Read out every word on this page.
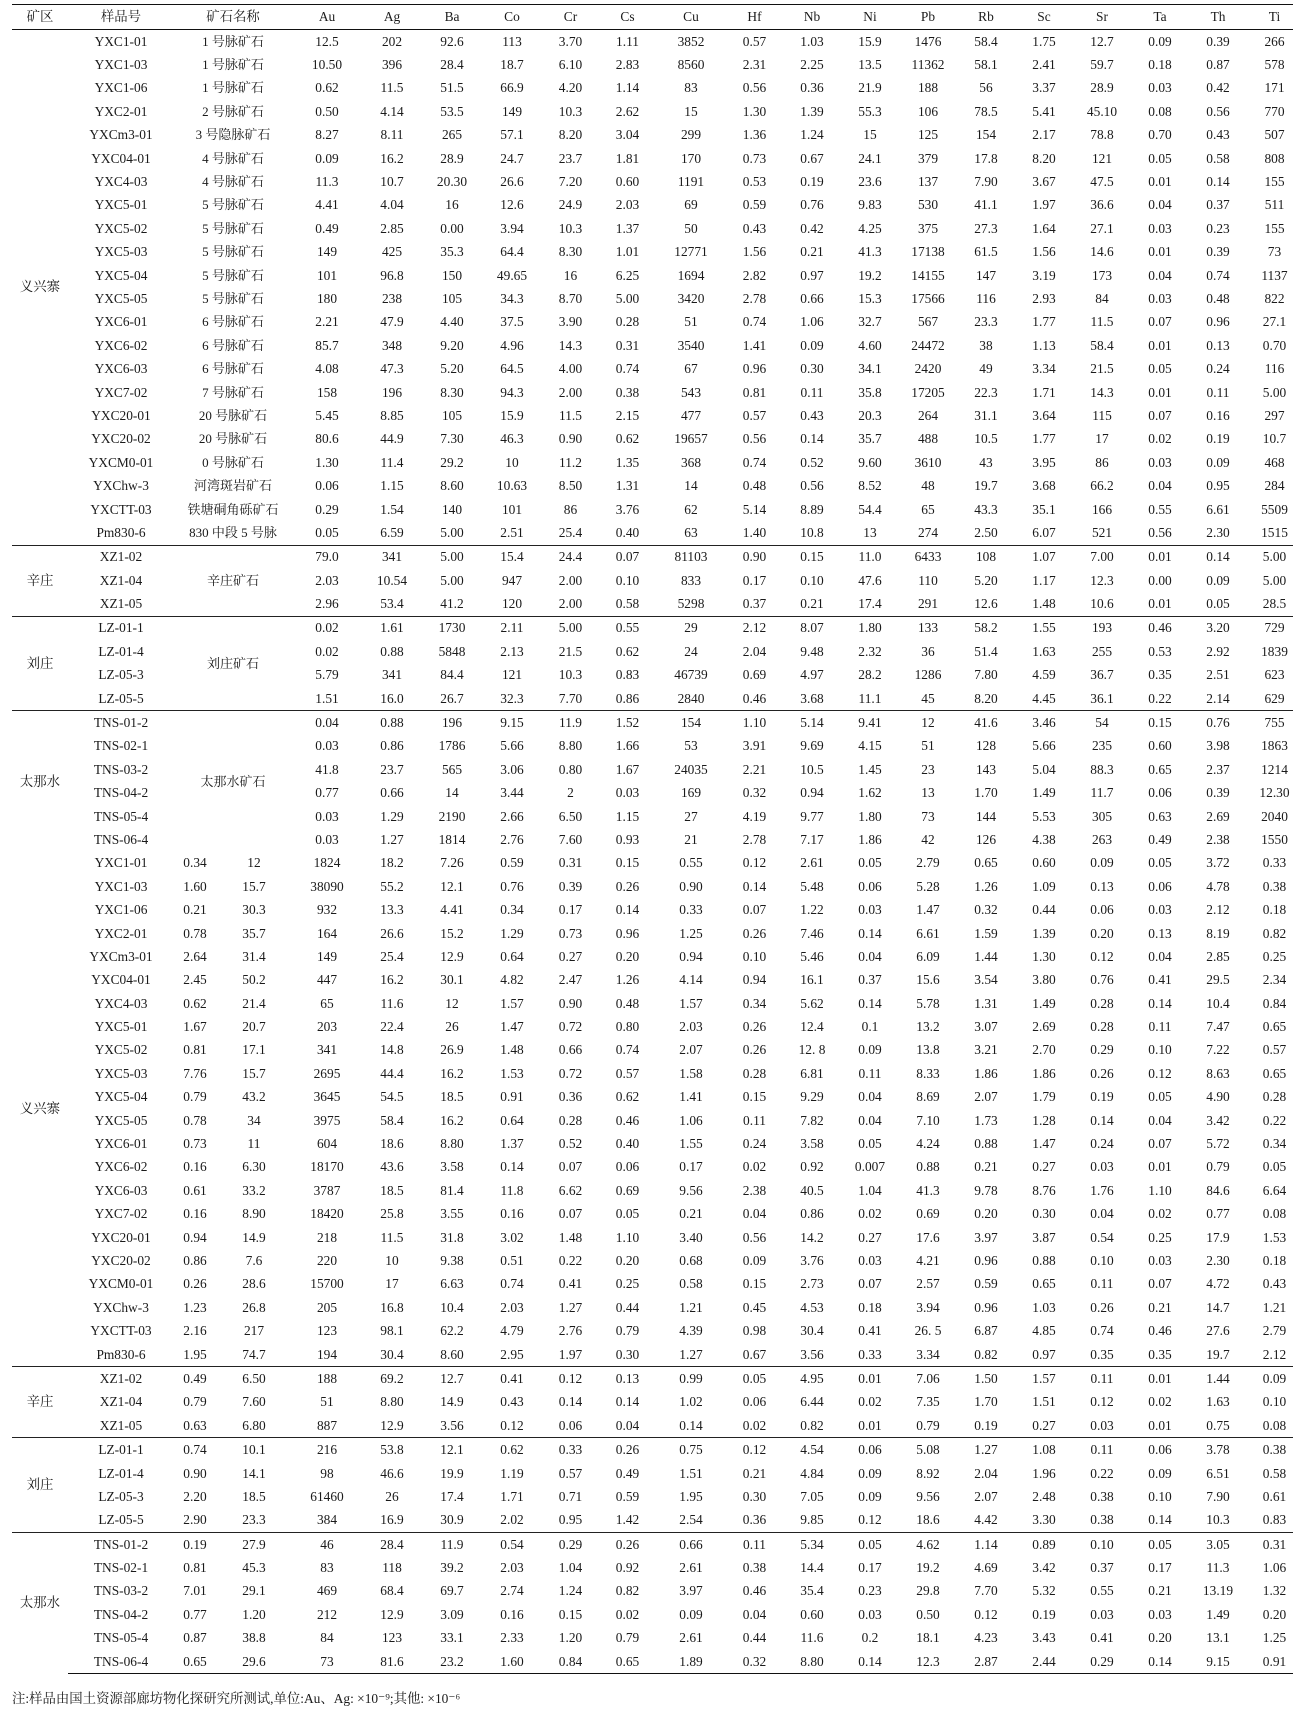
矿区	样品号	矿石名称		Au	Ag	Ba	Co	Cr	Cs	Cu	Hf	Nb	Ni	Pb	Rb	Sc	Sr	Ta	Th	Ti
义兴寨	YXC1-01	1 号脉矿石		12.5	202	92.6	113	3.70	1.11	3852	0.57	1.03	15.9	1476	58.4	1.75	12.7	0.09	0.39	266
	YXC1-03	1 号脉矿石		10.50	396	28.4	18.7	6.10	2.83	8560	2.31	2.25	13.5	11362	58.1	2.41	59.7	0.18	0.87	578
	YXC1-06	1 号脉矿石		0.62	11.5	51.5	66.9	4.20	1.14	83	0.56	0.36	21.9	188	56	3.37	28.9	0.03	0.42	171
	YXC2-01	2 号脉矿石		0.50	4.14	53.5	149	10.3	2.62	15	1.30	1.39	55.3	106	78.5	5.41	45.10	0.08	0.56	770
	YXCm3-01	3 号隐脉矿石		8.27	8.11	265	57.1	8.20	3.04	299	1.36	1.24	15	125	154	2.17	78.8	0.70	0.43	507
	YXC04-01	4 号脉矿石		0.09	16.2	28.9	24.7	23.7	1.81	170	0.73	0.67	24.1	379	17.8	8.20	121	0.05	0.58	808
	YXC4-03	4 号脉矿石		11.3	10.7	20.30	26.6	7.20	0.60	1191	0.53	0.19	23.6	137	7.90	3.67	47.5	0.01	0.14	155
	YXC5-01	5 号脉矿石		4.41	4.04	16	12.6	24.9	2.03	69	0.59	0.76	9.83	530	41.1	1.97	36.6	0.04	0.37	511
	YXC5-02	5 号脉矿石		0.49	2.85	0.00	3.94	10.3	1.37	50	0.43	0.42	4.25	375	27.3	1.64	27.1	0.03	0.23	155
	YXC5-03	5 号脉矿石		149	425	35.3	64.4	8.30	1.01	12771	1.56	0.21	41.3	17138	61.5	1.56	14.6	0.01	0.39	73
	YXC5-04	5 号脉矿石		101	96.8	150	49.65	16	6.25	1694	2.82	0.97	19.2	14155	147	3.19	173	0.04	0.74	1137
	YXC5-05	5 号脉矿石		180	238	105	34.3	8.70	5.00	3420	2.78	0.66	15.3	17566	116	2.93	84	0.03	0.48	822
	YXC6-01	6 号脉矿石		2.21	47.9	4.40	37.5	3.90	0.28	51	0.74	1.06	32.7	567	23.3	1.77	11.5	0.07	0.96	27.1
	YXC6-02	6 号脉矿石		85.7	348	9.20	4.96	14.3	0.31	3540	1.41	0.09	4.60	24472	38	1.13	58.4	0.01	0.13	0.70
	YXC6-03	6 号脉矿石		4.08	47.3	5.20	64.5	4.00	0.74	67	0.96	0.30	34.1	2420	49	3.34	21.5	0.05	0.24	116
	YXC7-02	7 号脉矿石		158	196	8.30	94.3	2.00	0.38	543	0.81	0.11	35.8	17205	22.3	1.71	14.3	0.01	0.11	5.00
	YXC20-01	20 号脉矿石		5.45	8.85	105	15.9	11.5	2.15	477	0.57	0.43	20.3	264	31.1	3.64	115	0.07	0.16	297
	YXC20-02	20 号脉矿石		80.6	44.9	7.30	46.3	0.90	0.62	19657	0.56	0.14	35.7	488	10.5	1.77	17	0.02	0.19	10.7
	YXCM0-01	0 号脉矿石		1.30	11.4	29.2	10	11.2	1.35	368	0.74	0.52	9.60	3610	43	3.95	86	0.03	0.09	468
	YXChw-3	河湾斑岩矿石		0.06	1.15	8.60	10.63	8.50	1.31	14	0.48	0.56	8.52	48	19.7	3.68	66.2	0.04	0.95	284
	YXCTT-03	铁塘硐角砾矿石		0.29	1.54	140	101	86	3.76	62	5.14	8.89	54.4	65	43.3	35.1	166	0.55	6.61	5509
	Pm830-6	830 中段 5 号脉		0.05	6.59	5.00	2.51	25.4	0.40	63	1.40	10.8	13	274	2.50	6.07	521	0.56	2.30	1515
辛庄	XZ1-02	辛庄矿石		79.0	341	5.00	15.4	24.4	0.07	81103	0.90	0.15	11.0	6433	108	1.07	7.00	0.01	0.14	5.00
	XZ1-04			2.03	10.54	5.00	947	2.00	0.10	833	0.17	0.10	47.6	110	5.20	1.17	12.3	0.00	0.09	5.00
	XZ1-05			2.96	53.4	41.2	120	2.00	0.58	5298	0.37	0.21	17.4	291	12.6	1.48	10.6	0.01	0.05	28.5
刘庄	LZ-01-1	刘庄矿石		0.02	1.61	1730	2.11	5.00	0.55	29	2.12	8.07	1.80	133	58.2	1.55	193	0.46	3.20	729
	LZ-01-4			0.02	0.88	5848	2.13	21.5	0.62	24	2.04	9.48	2.32	36	51.4	1.63	255	0.53	2.92	1839
	LZ-05-3			5.79	341	84.4	121	10.3	0.83	46739	0.69	4.97	28.2	1286	7.80	4.59	36.7	0.35	2.51	623
	LZ-05-5			1.51	16.0	26.7	32.3	7.70	0.86	2840	0.46	3.68	11.1	45	8.20	4.45	36.1	0.22	2.14	629
太那水	TNS-01-2	太那水矿石		0.04	0.88	196	9.15	11.9	1.52	154	1.10	5.14	9.41	12	41.6	3.46	54	0.15	0.76	755
	TNS-02-1			0.03	0.86	1786	5.66	8.80	1.66	53	3.91	9.69	4.15	51	128	5.66	235	0.60	3.98	1863
	TNS-03-2			41.8	23.7	565	3.06	0.80	1.67	24035	2.21	10.5	1.45	23	143	5.04	88.3	0.65	2.37	1214
	TNS-04-2			0.77	0.66	14	3.44	2	0.03	169	0.32	0.94	1.62	13	1.70	1.49	11.7	0.06	0.39	12.30
	TNS-05-4			0.03	1.29	2190	2.66	6.50	1.15	27	4.19	9.77	1.80	73	144	5.53	305	0.63	2.69	2040
	TNS-06-4			0.03	1.27	1814	2.76	7.60	0.93	21	2.78	7.17	1.86	42	126	4.38	263	0.49	2.38	1550
义兴寨	YXC1-01	0.34	12	1824	18.2	7.26	0.59	0.31	0.15	0.55	0.12	2.61	0.05	2.79	0.65	0.60	0.09	0.05	3.72	0.33
	YXC1-03	1.60	15.7	38090	55.2	12.1	0.76	0.39	0.26	0.90	0.14	5.48	0.06	5.28	1.26	1.09	0.13	0.06	4.78	0.38
	YXC1-06	0.21	30.3	932	13.3	4.41	0.34	0.17	0.14	0.33	0.07	1.22	0.03	1.47	0.32	0.44	0.06	0.03	2.12	0.18
	YXC2-01	0.78	35.7	164	26.6	15.2	1.29	0.73	0.96	1.25	0.26	7.46	0.14	6.61	1.59	1.39	0.20	0.13	8.19	0.82
	YXCm3-01	2.64	31.4	149	25.4	12.9	0.64	0.27	0.20	0.94	0.10	5.46	0.04	6.09	1.44	1.30	0.12	0.04	2.85	0.25
	YXC04-01	2.45	50.2	447	16.2	30.1	4.82	2.47	1.26	4.14	0.94	16.1	0.37	15.6	3.54	3.80	0.76	0.41	29.5	2.34
	YXC4-03	0.62	21.4	65	11.6	12	1.57	0.90	0.48	1.57	0.34	5.62	0.14	5.78	1.31	1.49	0.28	0.14	10.4	0.84
	YXC5-01	1.67	20.7	203	22.4	26	1.47	0.72	0.80	2.03	0.26	12.4	0.1	13.2	3.07	2.69	0.28	0.11	7.47	0.65
	YXC5-02	0.81	17.1	341	14.8	26.9	1.48	0.66	0.74	2.07	0.26	12. 8	0.09	13.8	3.21	2.70	0.29	0.10	7.22	0.57
	YXC5-03	7.76	15.7	2695	44.4	16.2	1.53	0.72	0.57	1.58	0.28	6.81	0.11	8.33	1.86	1.86	0.26	0.12	8.63	0.65
	YXC5-04	0.79	43.2	3645	54.5	18.5	0.91	0.36	0.62	1.41	0.15	9.29	0.04	8.69	2.07	1.79	0.19	0.05	4.90	0.28
	YXC5-05	0.78	34	3975	58.4	16.2	0.64	0.28	0.46	1.06	0.11	7.82	0.04	7.10	1.73	1.28	0.14	0.04	3.42	0.22
	YXC6-01	0.73	11	604	18.6	8.80	1.37	0.52	0.40	1.55	0.24	3.58	0.05	4.24	0.88	1.47	0.24	0.07	5.72	0.34
	YXC6-02	0.16	6.30	18170	43.6	3.58	0.14	0.07	0.06	0.17	0.02	0.92	0.007	0.88	0.21	0.27	0.03	0.01	0.79	0.05
	YXC6-03	0.61	33.2	3787	18.5	81.4	11.8	6.62	0.69	9.56	2.38	40.5	1.04	41.3	9.78	8.76	1.76	1.10	84.6	6.64
	YXC7-02	0.16	8.90	18420	25.8	3.55	0.16	0.07	0.05	0.21	0.04	0.86	0.02	0.69	0.20	0.30	0.04	0.02	0.77	0.08
	YXC20-01	0.94	14.9	218	11.5	31.8	3.02	1.48	1.10	3.40	0.56	14.2	0.27	17.6	3.97	3.87	0.54	0.25	17.9	1.53
	YXC20-02	0.86	7.6	220	10	9.38	0.51	0.22	0.20	0.68	0.09	3.76	0.03	4.21	0.96	0.88	0.10	0.03	2.30	0.18
	YXCM0-01	0.26	28.6	15700	17	6.63	0.74	0.41	0.25	0.58	0.15	2.73	0.07	2.57	0.59	0.65	0.11	0.07	4.72	0.43
	YXChw-3	1.23	26.8	205	16.8	10.4	2.03	1.27	0.44	1.21	0.45	4.53	0.18	3.94	0.96	1.03	0.26	0.21	14.7	1.21
	YXCTT-03	2.16	217	123	98.1	62.2	4.79	2.76	0.79	4.39	0.98	30.4	0.41	26. 5	6.87	4.85	0.74	0.46	27.6	2.79
	Pm830-6	1.95	74.7	194	30.4	8.60	2.95	1.97	0.30	1.27	0.67	3.56	0.33	3.34	0.82	0.97	0.35	0.35	19.7	2.12
辛庄	XZ1-02	0.49	6.50	188	69.2	12.7	0.41	0.12	0.13	0.99	0.05	4.95	0.01	7.06	1.50	1.57	0.11	0.01	1.44	0.09
	XZ1-04	0.79	7.60	51	8.80	14.9	0.43	0.14	0.14	1.02	0.06	6.44	0.02	7.35	1.70	1.51	0.12	0.02	1.63	0.10
	XZ1-05	0.63	6.80	887	12.9	3.56	0.12	0.06	0.04	0.14	0.02	0.82	0.01	0.79	0.19	0.27	0.03	0.01	0.75	0.08
刘庄	LZ-01-1	0.74	10.1	216	53.8	12.1	0.62	0.33	0.26	0.75	0.12	4.54	0.06	5.08	1.27	1.08	0.11	0.06	3.78	0.38
	LZ-01-4	0.90	14.1	98	46.6	19.9	1.19	0.57	0.49	1.51	0.21	4.84	0.09	8.92	2.04	1.96	0.22	0.09	6.51	0.58
	LZ-05-3	2.20	18.5	61460	26	17.4	1.71	0.71	0.59	1.95	0.30	7.05	0.09	9.56	2.07	2.48	0.38	0.10	7.90	0.61
	LZ-05-5	2.90	23.3	384	16.9	30.9	2.02	0.95	1.42	2.54	0.36	9.85	0.12	18.6	4.42	3.30	0.38	0.14	10.3	0.83
太那水	TNS-01-2	0.19	27.9	46	28.4	11.9	0.54	0.29	0.26	0.66	0.11	5.34	0.05	4.62	1.14	0.89	0.10	0.05	3.05	0.31
	TNS-02-1	0.81	45.3	83	118	39.2	2.03	1.04	0.92	2.61	0.38	14.4	0.17	19.2	4.69	3.42	0.37	0.17	11.3	1.06
	TNS-03-2	7.01	29.1	469	68.4	69.7	2.74	1.24	0.82	3.97	0.46	35.4	0.23	29.8	7.70	5.32	0.55	0.21	13.19	1.32
	TNS-04-2	0.77	1.20	212	12.9	3.09	0.16	0.15	0.02	0.09	0.04	0.60	0.03	0.50	0.12	0.19	0.03	0.03	1.49	0.20
	TNS-05-4	0.87	38.8	84	123	33.1	2.33	1.20	0.79	2.61	0.44	11.6	0.2	18.1	4.23	3.43	0.41	0.20	13.1	1.25
	TNS-06-4	0.65	29.6	73	81.6	23.2	1.60	0.84	0.65	1.89	0.32	8.80	0.14	12.3	2.87	2.44	0.29	0.14	9.15	0.91
注:样品由国土资源部廊坊物化探研究所测试,单位:Au、Ag: ×10⁻⁹;其他: ×10⁻⁶
